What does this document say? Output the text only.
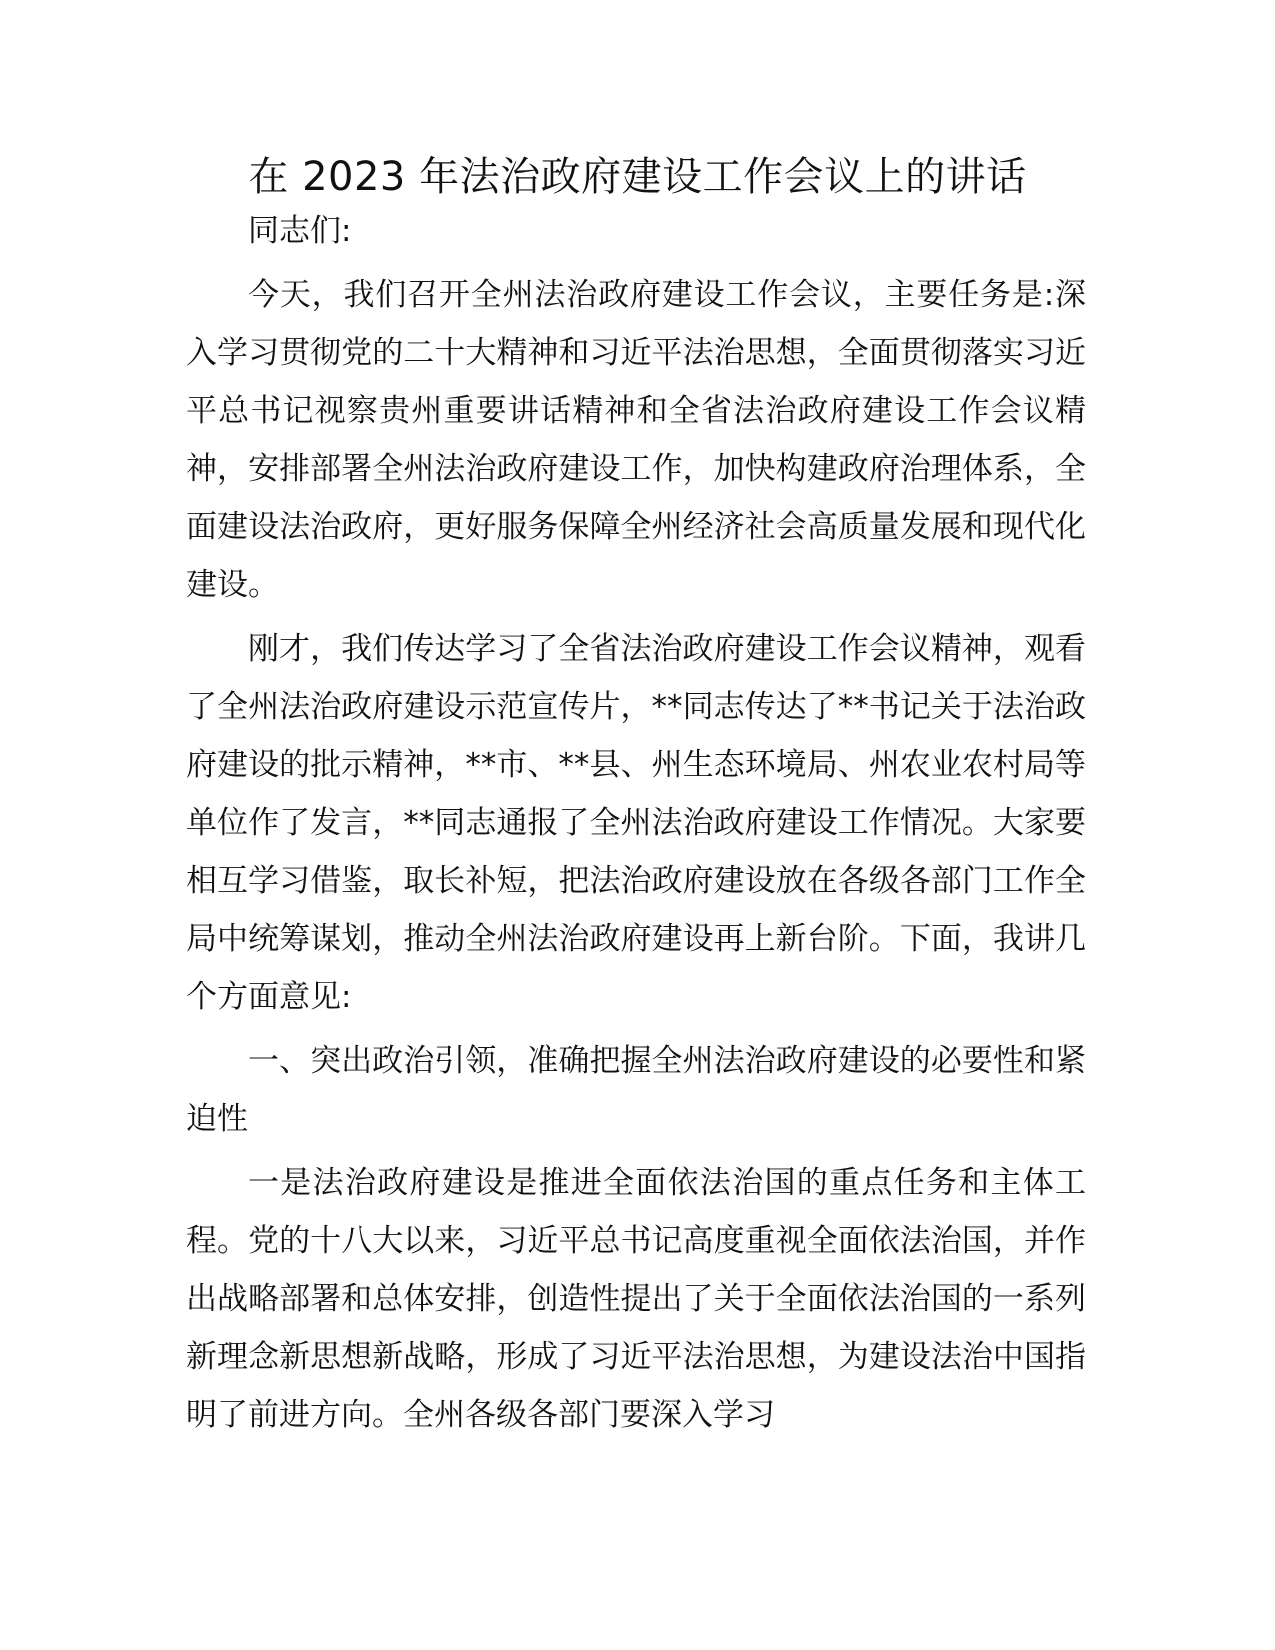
在 2023 年法治政府建设工作会议上的讲话

同志们:

今天，我们召开全州法治政府建设工作会议，主要任务是:深入学习贯彻党的二十大精神和习近平法治思想，全面贯彻落实习近平总书记视察贵州重要讲话精神和全省法治政府建设工作会议精神，安排部署全州法治政府建设工作，加快构建政府治理体系，全面建设法治政府，更好服务保障全州经济社会高质量发展和现代化建设。

刚才，我们传达学习了全省法治政府建设工作会议精神，观看了全州法治政府建设示范宣传片，**同志传达了**书记关于法治政府建设的批示精神，**市、**县、州生态环境局、州农业农村局等单位作了发言，**同志通报了全州法治政府建设工作情况。大家要相互学习借鉴，取长补短，把法治政府建设放在各级各部门工作全局中统筹谋划，推动全州法治政府建设再上新台阶。下面，我讲几个方面意见:

一、突出政治引领，准确把握全州法治政府建设的必要性和紧迫性

一是法治政府建设是推进全面依法治国的重点任务和主体工程。党的十八大以来，习近平总书记高度重视全面依法治国，并作出战略部署和总体安排，创造性提出了关于全面依法治国的一系列新理念新思想新战略，形成了习近平法治思想，为建设法治中国指明了前进方向。全州各级各部门要深入学习
